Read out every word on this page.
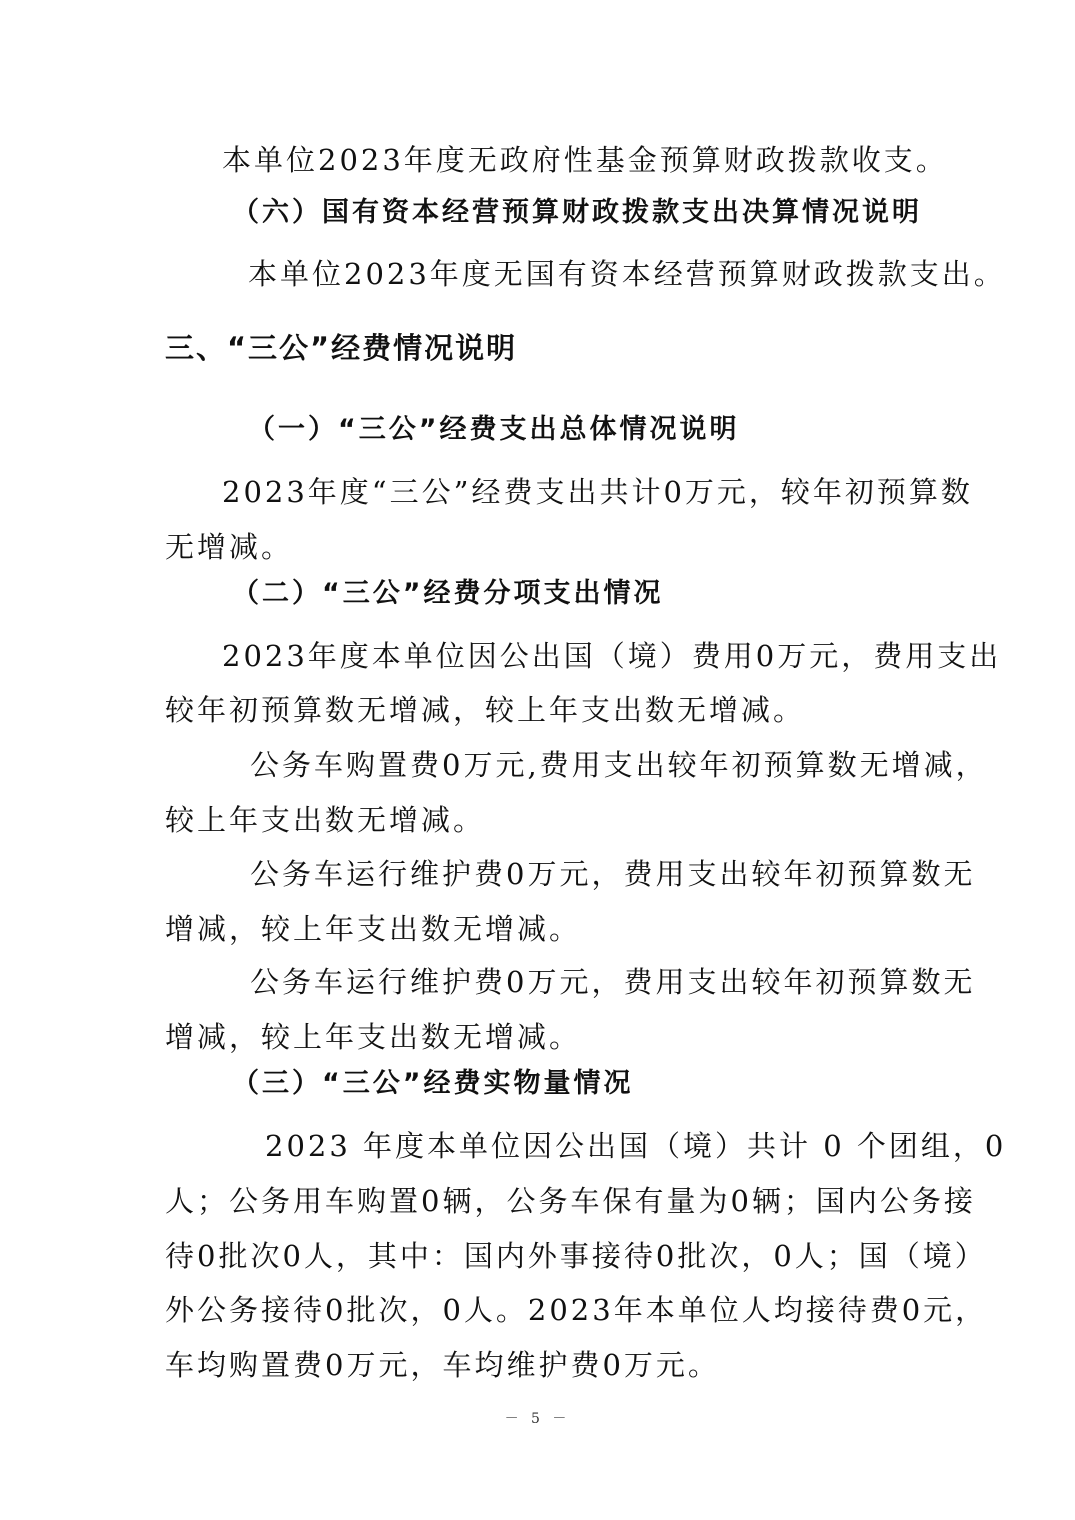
本单位2023年度无政府性基金预算财政拨款收支。
（六）国有资本经营预算财政拨款支出决算情况说明
本单位2023年度无国有资本经营预算财政拨款支出。
三、“三公”经费情况说明
（一）“三公”经费支出总体情况说明
2023年度“三公”经费支出共计0万元，较年初预算数
无增减。
（二）“三公”经费分项支出情况
2023年度本单位因公出国（境）费用0万元，费用支出
较年初预算数无增减，较上年支出数无增减。
公务车购置费0万元,费用支出较年初预算数无增减，
较上年支出数无增减。
公务车运行维护费0万元，费用支出较年初预算数无
增减，较上年支出数无增减。
公务车运行维护费0万元，费用支出较年初预算数无
增减，较上年支出数无增减。
（三）“三公”经费实物量情况
2023 年度本单位因公出国（境）共计 0 个团组，0
人；公务用车购置0辆，公务车保有量为0辆；国内公务接
待0批次0人，其中：国内外事接待0批次，0人；国（境）
外公务接待0批次，0人。2023年本单位人均接待费0元，
车均购置费0万元，车均维护费0万元。
－ 5 －
